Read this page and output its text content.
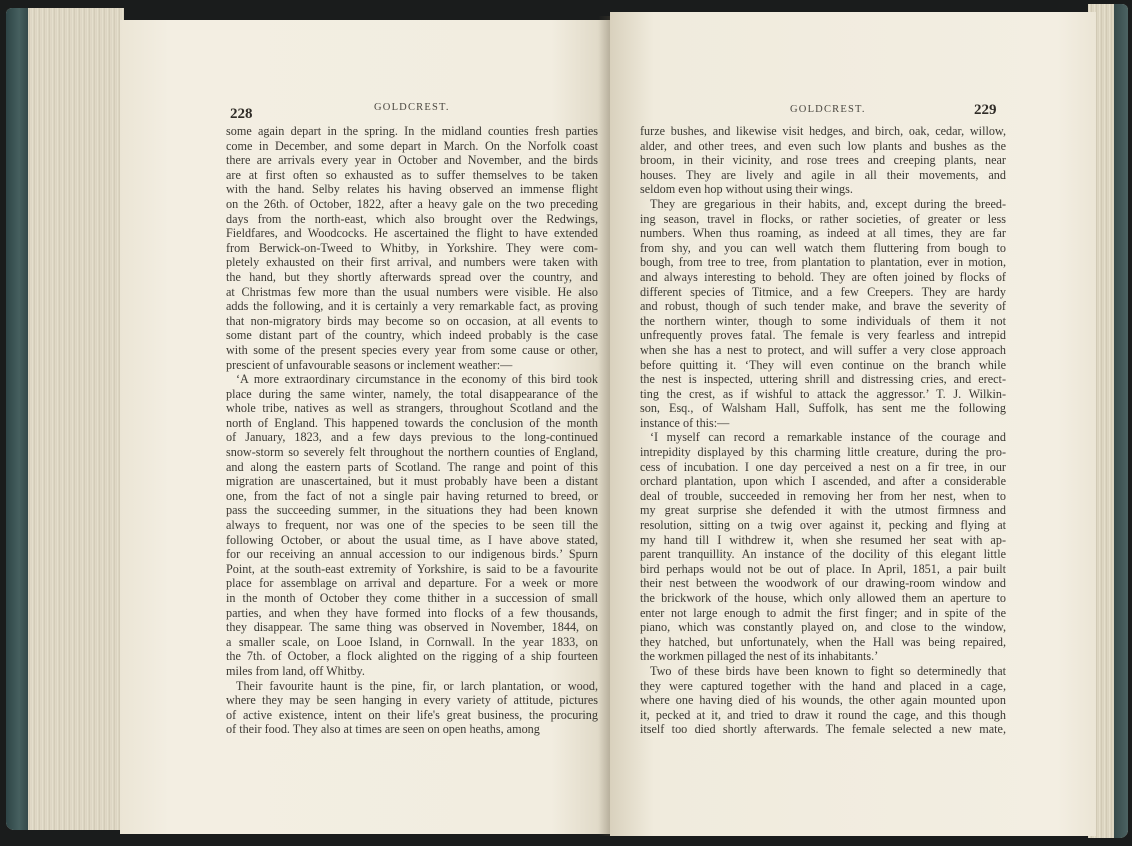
228	GOLDCREST.
some again depart in the spring. In the midland counties fresh parties
come in December, and some depart in March. On the Norfolk coast
there are arrivals every year in October and November, and the birds
are at first often so exhausted as to suffer themselves to be taken
with the hand. Selby relates his having observed an immense flight
on the 26th. of October, 1822, after a heavy gale on the two preceding
days from the north-east, which also brought over the Redwings,
Fieldfares, and Woodcocks. He ascertained the flight to have extended
from Berwick-on-Tweed to Whitby, in Yorkshire. They were com-
pletely exhausted on their first arrival, and numbers were taken with
the hand, but they shortly afterwards spread over the country, and
at Christmas few more than the usual numbers were visible. He also
adds the following, and it is certainly a very remarkable fact, as proving
that non-migratory birds may become so on occasion, at all events to
some distant part of the country, which indeed probably is the case
with some of the present species every year from some cause or other,
prescient of unfavourable seasons or inclement weather:—
‘A more extraordinary circumstance in the economy of this bird took
place during the same winter, namely, the total disappearance of the
whole tribe, natives as well as strangers, throughout Scotland and the
north of England. This happened towards the conclusion of the month
of January, 1823, and a few days previous to the long-continued
snow-storm so severely felt throughout the northern counties of England,
and along the eastern parts of Scotland. The range and point of this
migration are unascertained, but it must probably have been a distant
one, from the fact of not a single pair having returned to breed, or
pass the succeeding summer, in the situations they had been known
always to frequent, nor was one of the species to be seen till the
following October, or about the usual time, as I have above stated,
for our receiving an annual accession to our indigenous birds.’ Spurn
Point, at the south-east extremity of Yorkshire, is said to be a favourite
place for assemblage on arrival and departure. For a week or more
in the month of October they come thither in a succession of small
parties, and when they have formed into flocks of a few thousands,
they disappear. The same thing was observed in November, 1844, on
a smaller scale, on Looe Island, in Cornwall. In the year 1833, on
the 7th. of October, a flock alighted on the rigging of a ship fourteen
miles from land, off Whitby.
Their favourite haunt is the pine, fir, or larch plantation, or wood,
where they may be seen hanging in every variety of attitude, pictures
of active existence, intent on their life's great business, the procuring
of their food. They also at times are seen on open heaths, among
GOLDCREST.	229
furze bushes, and likewise visit hedges, and birch, oak, cedar, willow,
alder, and other trees, and even such low plants and bushes as the
broom, in their vicinity, and rose trees and creeping plants, near
houses. They are lively and agile in all their movements, and
seldom even hop without using their wings.
They are gregarious in their habits, and, except during the breed-
ing season, travel in flocks, or rather societies, of greater or less
numbers. When thus roaming, as indeed at all times, they are far
from shy, and you can well watch them fluttering from bough to
bough, from tree to tree, from plantation to plantation, ever in motion,
and always interesting to behold. They are often joined by flocks of
different species of Titmice, and a few Creepers. They are hardy
and robust, though of such tender make, and brave the severity of
the northern winter, though to some individuals of them it not
unfrequently proves fatal. The female is very fearless and intrepid
when she has a nest to protect, and will suffer a very close approach
before quitting it. ‘They will even continue on the branch while
the nest is inspected, uttering shrill and distressing cries, and erect-
ting the crest, as if wishful to attack the aggressor.’ T. J. Wilkin-
son, Esq., of Walsham Hall, Suffolk, has sent me the following
instance of this:—
‘I myself can record a remarkable instance of the courage and
intrepidity displayed by this charming little creature, during the pro-
cess of incubation. I one day perceived a nest on a fir tree, in our
orchard plantation, upon which I ascended, and after a considerable
deal of trouble, succeeded in removing her from her nest, when to
my great surprise she defended it with the utmost firmness and
resolution, sitting on a twig over against it, pecking and flying at
my hand till I withdrew it, when she resumed her seat with ap-
parent tranquillity. An instance of the docility of this elegant little
bird perhaps would not be out of place. In April, 1851, a pair built
their nest between the woodwork of our drawing-room window and
the brickwork of the house, which only allowed them an aperture to
enter not large enough to admit the first finger; and in spite of the
piano, which was constantly played on, and close to the window,
they hatched, but unfortunately, when the Hall was being repaired,
the workmen pillaged the nest of its inhabitants.’
Two of these birds have been known to fight so determinedly that
they were captured together with the hand and placed in a cage,
where one having died of his wounds, the other again mounted upon
it, pecked at it, and tried to draw it round the cage, and this though
itself too died shortly afterwards. The female selected a new mate,
